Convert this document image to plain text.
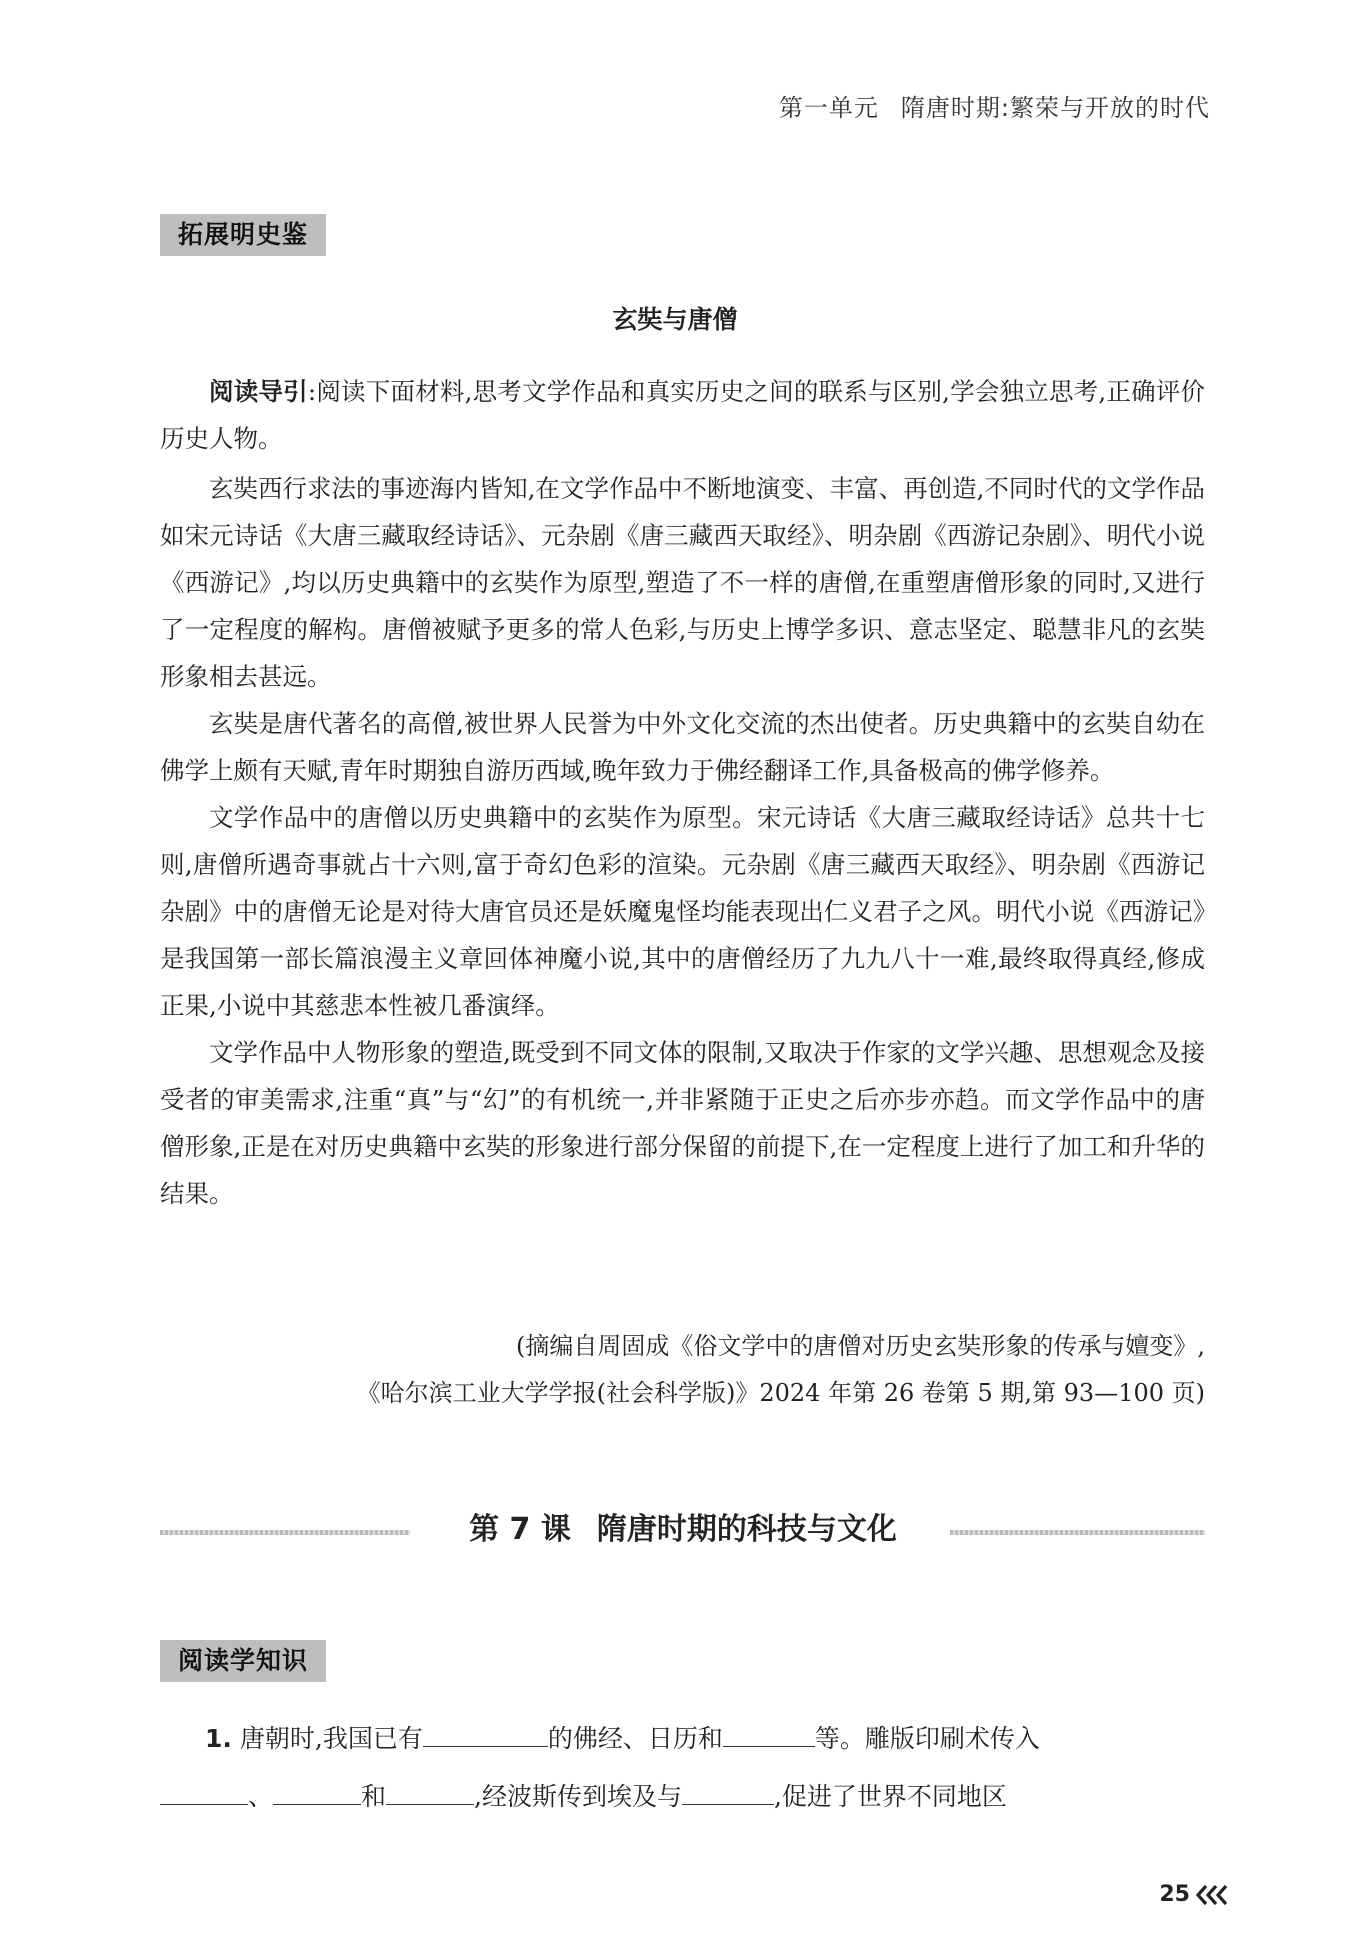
第一单元 隋唐时期:繁荣与开放的时代
拓展明史鉴
玄奘与唐僧

阅读导引:阅读下面材料,思考文学作品和真实历史之间的联系与区别,学会独立思考,正确评价历史人物。

玄奘西行求法的事迹海内皆知,在文学作品中不断地演变、丰富、再创造,不同时代的文学作品如宋元诗话《大唐三藏取经诗话》、元杂剧《唐三藏西天取经》、明杂剧《西游记杂剧》、明代小说《西游记》,均以历史典籍中的玄奘作为原型,塑造了不一样的唐僧,在重塑唐僧形象的同时,又进行了一定程度的解构。唐僧被赋予更多的常人色彩,与历史上博学多识、意志坚定、聪慧非凡的玄奘形象相去甚远。

玄奘是唐代著名的高僧,被世界人民誉为中外文化交流的杰出使者。历史典籍中的玄奘自幼在佛学上颇有天赋,青年时期独自游历西域,晚年致力于佛经翻译工作,具备极高的佛学修养。

文学作品中的唐僧以历史典籍中的玄奘作为原型。宋元诗话《大唐三藏取经诗话》总共十七则,唐僧所遇奇事就占十六则,富于奇幻色彩的渲染。元杂剧《唐三藏西天取经》、明杂剧《西游记杂剧》中的唐僧无论是对待大唐官员还是妖魔鬼怪均能表现出仁义君子之风。明代小说《西游记》是我国第一部长篇浪漫主义章回体神魔小说,其中的唐僧经历了九九八十一难,最终取得真经,修成正果,小说中其慈悲本性被几番演绎。

文学作品中人物形象的塑造,既受到不同文体的限制,又取决于作家的文学兴趣、思想观念及接受者的审美需求,注重“真”与“幻”的有机统一,并非紧随于正史之后亦步亦趋。而文学作品中的唐僧形象,正是在对历史典籍中玄奘的形象进行部分保留的前提下,在一定程度上进行了加工和升华的结果。

(摘编自周固成《俗文学中的唐僧对历史玄奘形象的传承与嬗变》,
《哈尔滨工业大学学报(社会科学版)》2024 年第 26 卷第 5 期,第 93—100 页)
第 7 课 隋唐时期的科技与文化
阅读学知识
1. 唐朝时,我国已有	的佛经、日历和	等。雕版印刷术传入
、	和	,经波斯传到埃及与	,促进了世界不同地区
25
